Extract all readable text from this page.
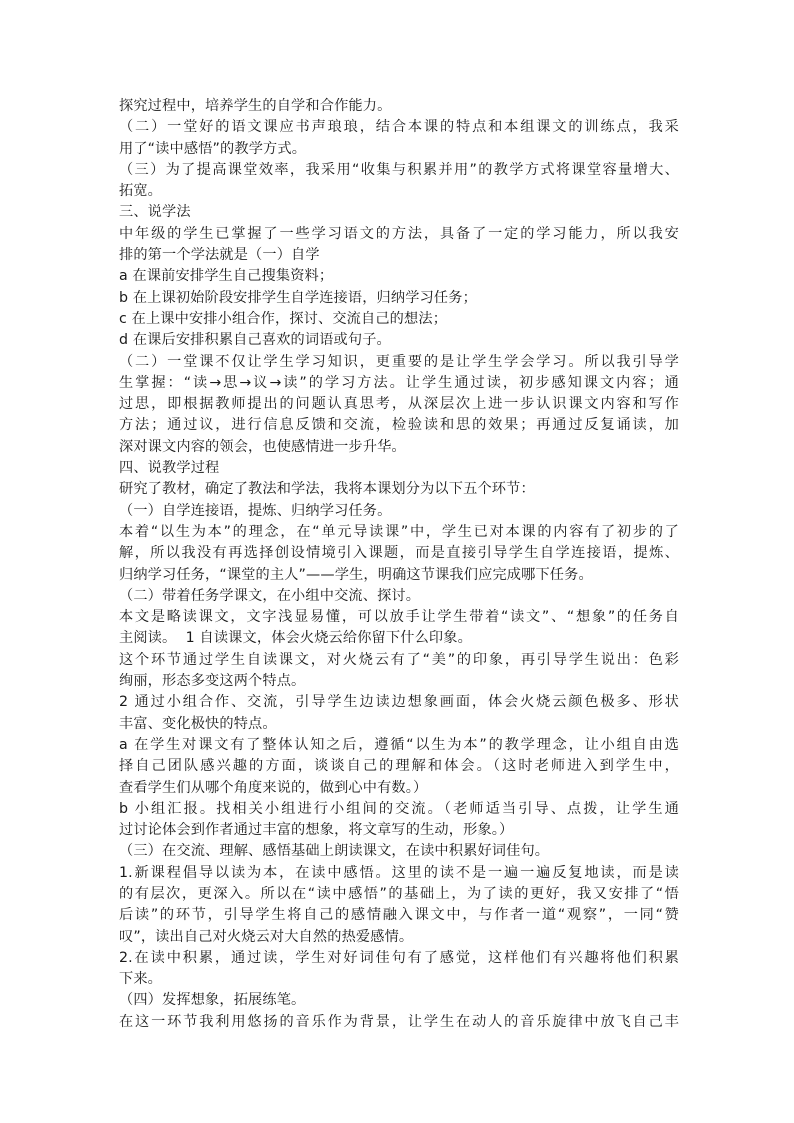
探究过程中，培养学生的自学和合作能力。
（二）一堂好的语文课应书声琅琅，结合本课的特点和本组课文的训练点，我采
用了“读中感悟”的教学方式。
（三）为了提高课堂效率，我采用“收集与积累并用”的教学方式将课堂容量增大、
拓宽。
三、说学法
中年级的学生已掌握了一些学习语文的方法，具备了一定的学习能力，所以我安
排的第一个学法就是（一）自学
a 在课前安排学生自己搜集资料；
b 在上课初始阶段安排学生自学连接语，归纳学习任务；
c 在上课中安排小组合作，探讨、交流自己的想法；
d 在课后安排积累自己喜欢的词语或句子。
（二）一堂课不仅让学生学习知识，更重要的是让学生学会学习。所以我引导学
生掌握：“读→思→议→读”的学习方法。让学生通过读，初步感知课文内容；通
过思，即根据教师提出的问题认真思考，从深层次上进一步认识课文内容和写作
方法；通过议，进行信息反馈和交流，检验读和思的效果；再通过反复诵读，加
深对课文内容的领会，也使感情进一步升华。
四、说教学过程
研究了教材，确定了教法和学法，我将本课划分为以下五个环节：
（一）自学连接语，提炼、归纳学习任务。
本着“以生为本”的理念，在“单元导读课”中，学生已对本课的内容有了初步的了
解，所以我没有再选择创设情境引入课题，而是直接引导学生自学连接语，提炼、
归纳学习任务，“课堂的主人”——学生，明确这节课我们应完成哪下任务。
（二）带着任务学课文，在小组中交流、探讨。
本文是略读课文，文字浅显易懂，可以放手让学生带着“读文”、“想象”的任务自
主阅读。  1 自读课文，体会火烧云给你留下什么印象。
这个环节通过学生自读课文，对火烧云有了“美”的印象，再引导学生说出：色彩
绚丽，形态多变这两个特点。
2 通过小组合作、交流，引导学生边读边想象画面，体会火烧云颜色极多、形状
丰富、变化极快的特点。
a 在学生对课文有了整体认知之后，遵循“以生为本”的教学理念，让小组自由选
择自己团队感兴趣的方面，谈谈自己的理解和体会。（这时老师进入到学生中，
查看学生们从哪个角度来说的，做到心中有数。）
b 小组汇报。找相关小组进行小组间的交流。（老师适当引导、点拨，让学生通
过讨论体会到作者通过丰富的想象，将文章写的生动，形象。）
（三）在交流、理解、感悟基础上朗读课文，在读中积累好词佳句。
1.新课程倡导以读为本，在读中感悟。这里的读不是一遍一遍反复地读，而是读
的有层次，更深入。所以在“读中感悟”的基础上，为了读的更好，我又安排了“悟
后读”的环节，引导学生将自己的感情融入课文中，与作者一道“观察”，一同“赞
叹”，读出自己对火烧云对大自然的热爱感情。
2.在读中积累，通过读，学生对好词佳句有了感觉，这样他们有兴趣将他们积累
下来。
（四）发挥想象，拓展练笔。
在这一环节我利用悠扬的音乐作为背景，让学生在动人的音乐旋律中放飞自己丰
